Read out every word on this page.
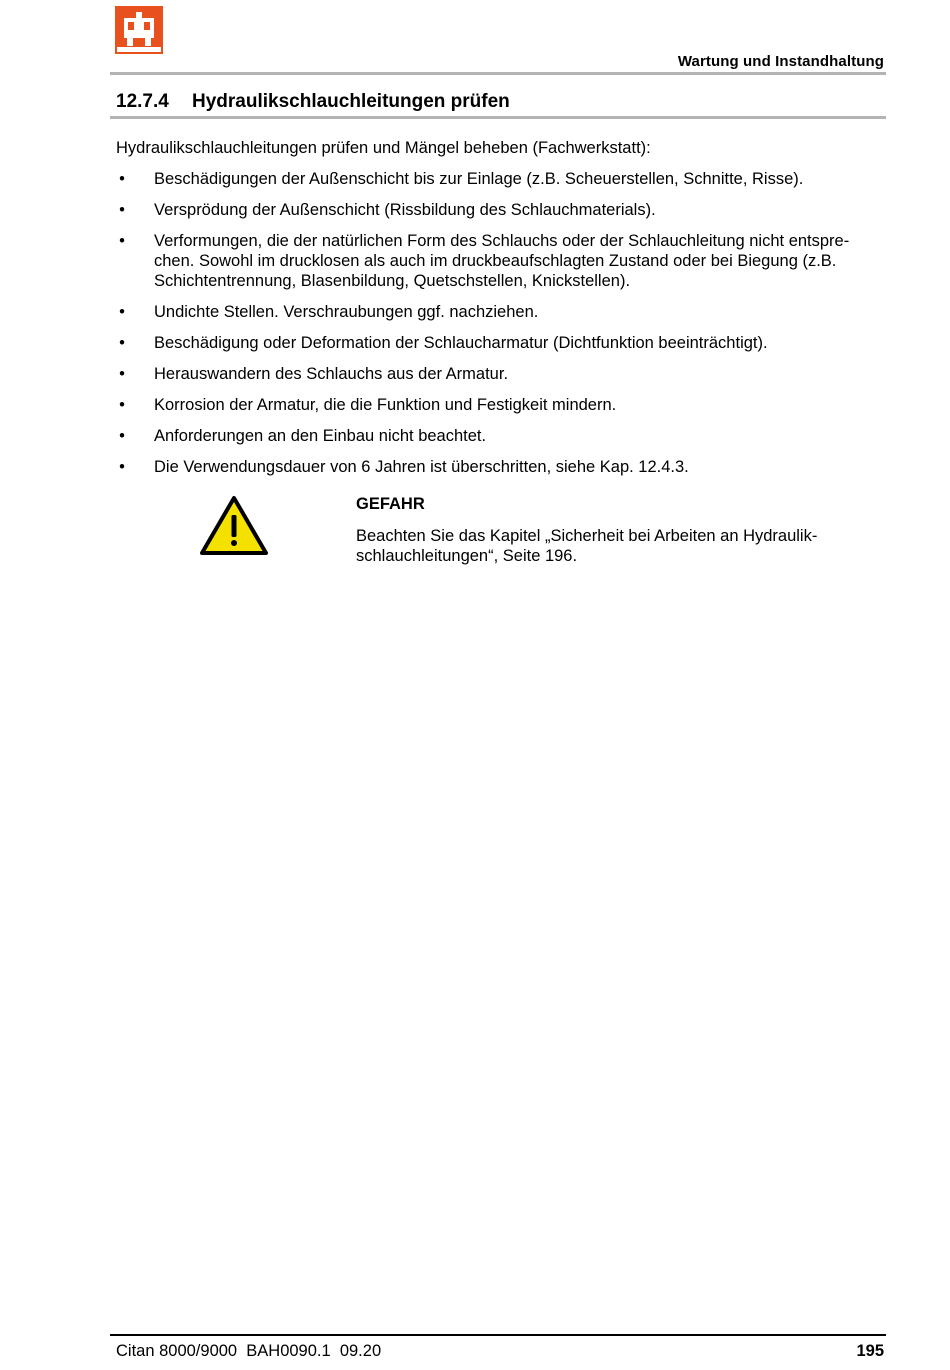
Wartung und Instandhaltung
12.7.4 Hydraulikschlauchleitungen prüfen
Hydraulikschlauchleitungen prüfen und Mängel beheben (Fachwerkstatt):
• Beschädigungen der Außenschicht bis zur Einlage (z.B. Scheuerstellen, Schnitte, Risse).
• Versprödung der Außenschicht (Rissbildung des Schlauchmaterials).
• Verformungen, die der natürlichen Form des Schlauchs oder der Schlauchleitung nicht entspre-
chen. Sowohl im drucklosen als auch im druckbeaufschlagten Zustand oder bei Biegung (z.B.
Schichtentrennung, Blasenbildung, Quetschstellen, Knickstellen).
• Undichte Stellen. Verschraubungen ggf. nachziehen.
• Beschädigung oder Deformation der Schlaucharmatur (Dichtfunktion beeinträchtigt).
• Herauswandern des Schlauchs aus der Armatur.
• Korrosion der Armatur, die die Funktion und Festigkeit mindern.
• Anforderungen an den Einbau nicht beachtet.
• Die Verwendungsdauer von 6 Jahren ist überschritten, siehe Kap. 12.4.3.
GEFAHR
Beachten Sie das Kapitel „Sicherheit bei Arbeiten an Hydraulik-
schlauchleitungen“, Seite 196.
Citan 8000/9000  BAH0090.1  09.20	195
